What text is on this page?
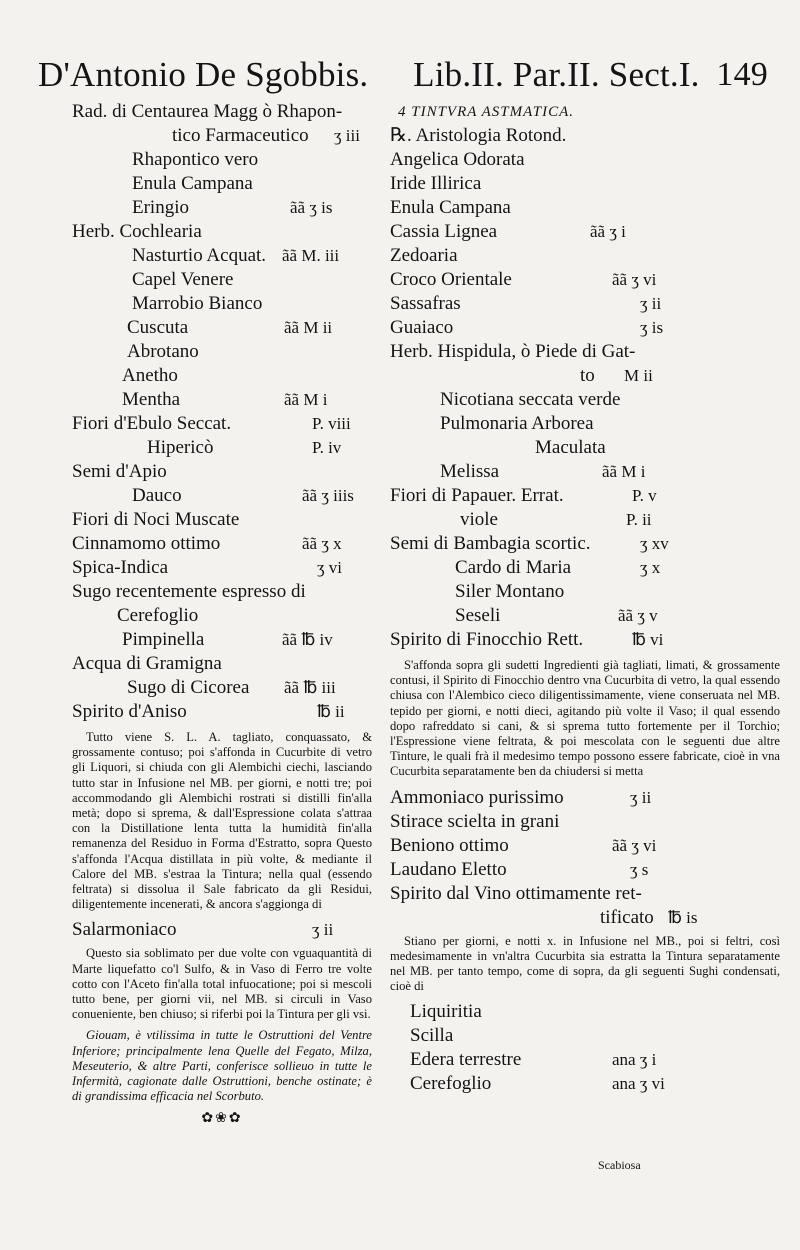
D'Antonio De Sgobbis. Lib.II. Par.II. Sect.I. 149
Rad. di Centaurea Magg ò Rhapon-
tico Farmaceutico ʒ iii
Rhapontico vero
Enula Campana
Eringio	ãã ʒ is
Herb. Cochlearia
Nasturtio Acquat. ãã M. iii
Capel Venere
Marrobio Bianco
Cuscuta	ãã M ii
Abrotano
Anetho
Mentha	ãã M i
Fiori d'Ebulo Seccat.	P. viii
Hipericò	P. iv
Semi d'Apio
Dauco	ãã ʒ iiis
Fiori di Noci Muscate
Cinnamomo ottimo	ãã ʒ x
Spica-Indica	ʒ vi
Sugo recentemente espresso di
Cerefoglio
Pimpinella	ãã ℔ iv
Acqua di Gramigna
Sugo di Cicorea ãã ℔ iii
Spirito d'Aniso	℔ ii

Tutto viene S. L. A. tagliato, conquassato, & grossamente contuso; poi s'affonda in Cucurbite di vetro gli Liquori, si chiuda con gli Alembichi ciechi, lasciando tutto star in Infusione nel MB. per giorni, e notti tre; poi accommodando gli Alembichi rostrati si distilli fin'alla metà; dopo si sprema, & dall'Espressione colata s'attraa con la Distillatione lenta tutta la humidità fin'alla remanenza del Residuo in Forma d'Estratto, sopra Questo s'affonda l'Acqua distillata in più volte, & mediante il Calore del MB. s'estraa la Tintura; nella qual (essendo feltrata) si dissolua il Sale fabricato da gli Residui, diligentemente incenerati, & ancora s'aggionga di

Salarmoniaco	ʒ ii

Questo sia soblimato per due volte con vguaquantità di Marte liquefatto co'l Sulfo, & in Vaso di Ferro tre volte cotto con l'Aceto fin'alla total infuocatione; poi si mescoli tutto bene, per giorni vii, nel MB. si circuli in Vaso conueniente, ben chiuso; si riferbi poi la Tintura per gli vsi.

Giouam, è vtilissima in tutte le Ostruttioni del Ventre Inferiore; principalmente lena Quelle del Fegato, Milza, Meseuterio, & altre Parti, conferisce sollieuo in tutte le Infermità, cagionate dalle Ostruttioni, benche ostinate; è di grandissima efficacia nel Scorbuto.

✿❀✿
4 TINTVRA ASTMATICA.
℞. Aristologia Rotond.
Angelica Odorata
Iride Illirica
Enula Campana
Cassia Lignea	ãã ʒ i
Zedoaria
Croco Orientale	ãã ʒ vi
Sassafras	ʒ ii
Guaiaco	ʒ is
Herb. Hispidula, ò Piede di Gat-
to M ii
Nicotiana seccata verde
Pulmonaria Arborea
Maculata
Melissa	ãã M i
Fiori di Papauer. Errat.	P. v
viole	P. ii
Semi di Bambagia scortic.	ʒ xv
Cardo di Maria	ʒ x
Siler Montano
Seseli	ãã ʒ v
Spirito di Finocchio Rett.	℔ vi

S'affonda sopra gli sudetti Ingredienti già tagliati, limati, & grossamente contusi, il Spirito di Finocchio dentro vna Cucurbita di vetro, la qual essendo chiusa con l'Alembico cieco diligentissimamente, viene conseruata nel MB. tepido per giorni, e notti dieci, agitando più volte il Vaso; il qual essendo dopo rafreddato si cani, & si sprema tutto fortemente per il Torchio; l'Espressione viene feltrata, & poi mescolata con le seguenti due altre Tinture, le quali frà il medesimo tempo possono essere fabricate, cioè in vna Cucurbita separatamente ben da chiudersi si metta

Ammoniaco purissimo	ʒ ii
Stirace scielta in grani
Beniono ottimo	ãã ʒ vi
Laudano Eletto	ʒ s
Spirito dal Vino ottimamente ret-
tificato ℔ is

Stiano per giorni, e notti x. in Infusione nel MB., poi si feltri, così medesimamente in vn'altra Cucurbita sia estratta la Tintura separatamente nel MB. per tanto tempo, come di sopra, da gli seguenti Sughi condensati, cioè di

Liquiritia
Scilla
Edera terrestre	ana ʒ i
Cerefoglio	ana ʒ vi
Scabiosa
